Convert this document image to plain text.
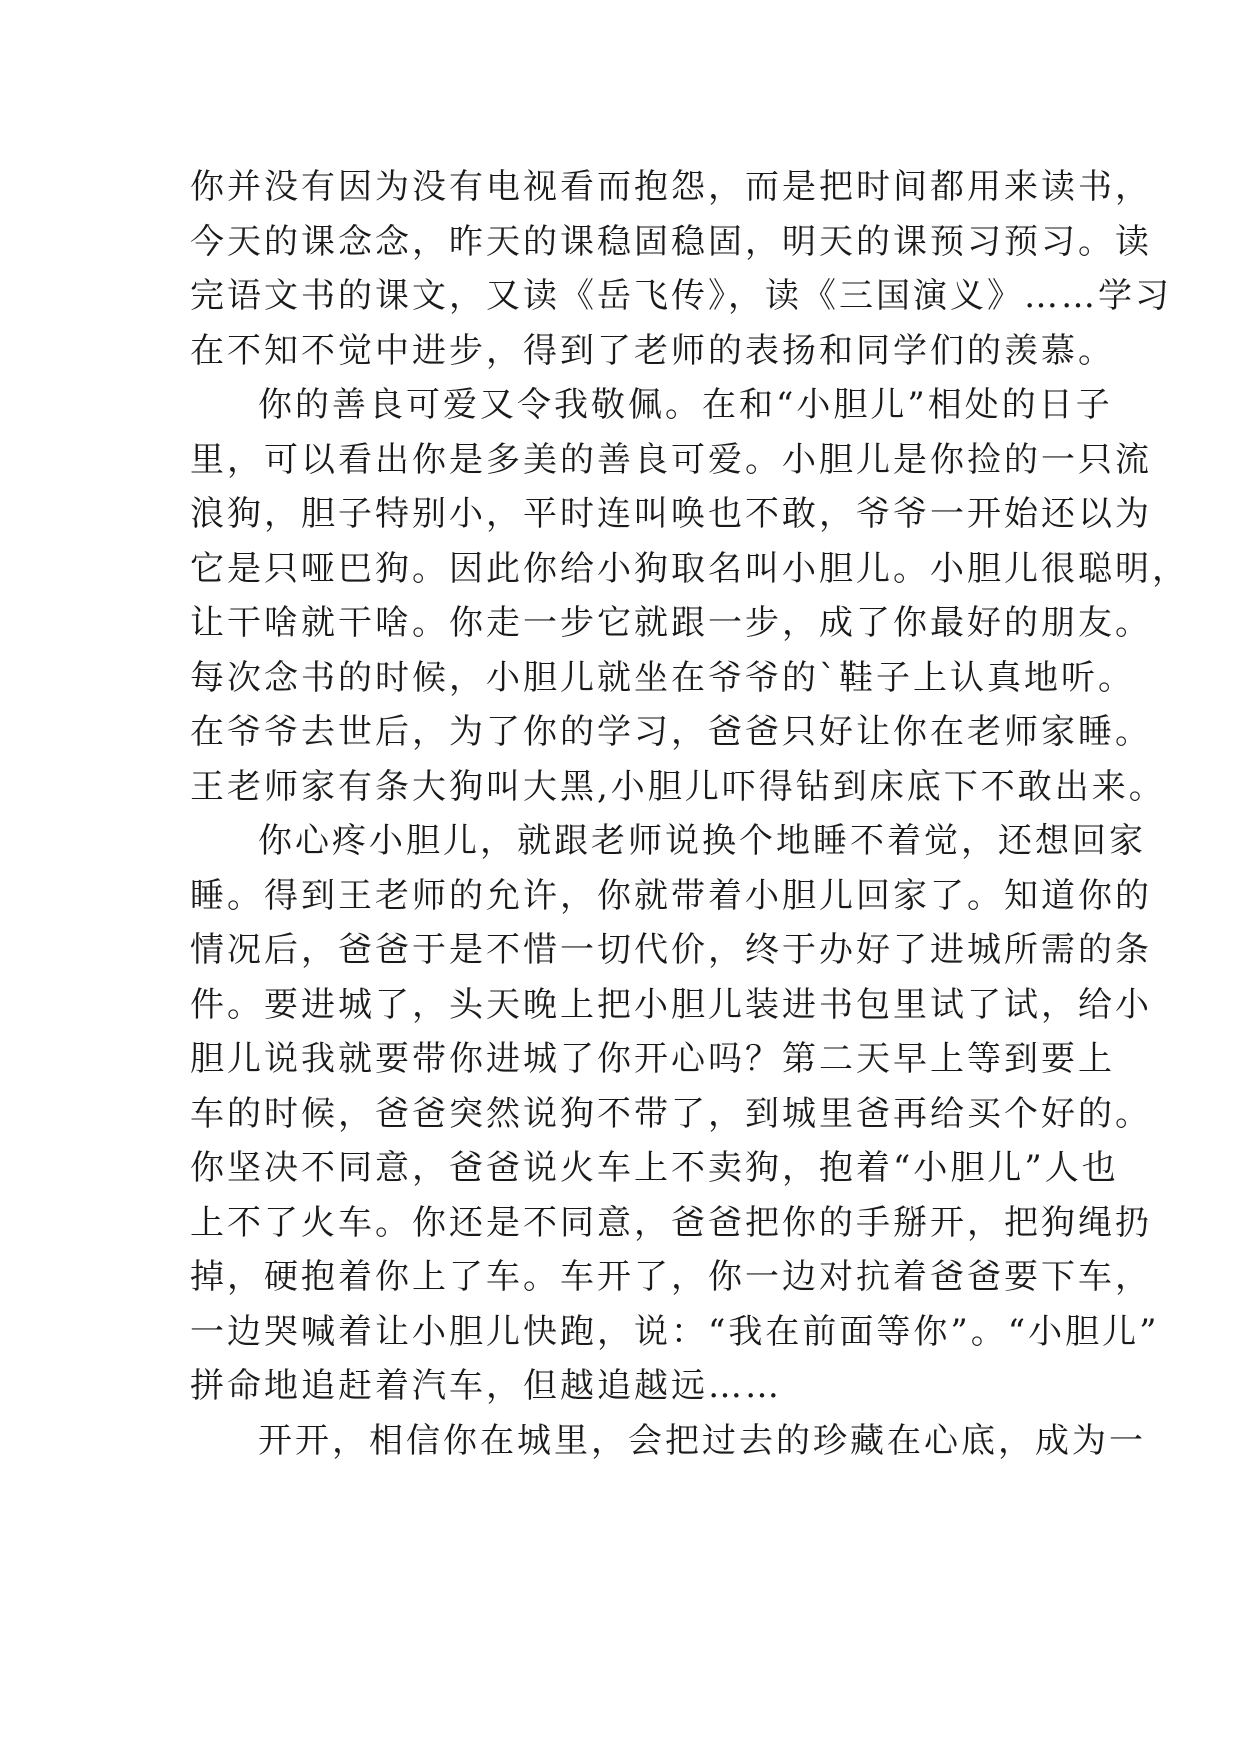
你并没有因为没有电视看而抱怨，而是把时间都用来读书，
今天的课念念，昨天的课稳固稳固，明天的课预习预习。读
完语文书的课文，又读《岳飞传》，读《三国演义》……学习
在不知不觉中进步，得到了老师的表扬和同学们的羡慕。
你的善良可爱又令我敬佩。在和“小胆儿”相处的日子
里，可以看出你是多美的善良可爱。小胆儿是你捡的一只流
浪狗，胆子特别小，平时连叫唤也不敢，爷爷一开始还以为
它是只哑巴狗。因此你给小狗取名叫小胆儿。小胆儿很聪明，
让干啥就干啥。你走一步它就跟一步，成了你最好的朋友。
每次念书的时候，小胆儿就坐在爷爷的`鞋子上认真地听。
在爷爷去世后，为了你的学习，爸爸只好让你在老师家睡。
王老师家有条大狗叫大黑,小胆儿吓得钻到床底下不敢出来。
你心疼小胆儿，就跟老师说换个地睡不着觉，还想回家
睡。得到王老师的允许，你就带着小胆儿回家了。知道你的
情况后，爸爸于是不惜一切代价，终于办好了进城所需的条
件。要进城了，头天晚上把小胆儿装进书包里试了试，给小
胆儿说我就要带你进城了你开心吗？第二天早上等到要上
车的时候，爸爸突然说狗不带了，到城里爸再给买个好的。
你坚决不同意，爸爸说火车上不卖狗，抱着“小胆儿”人也
上不了火车。你还是不同意，爸爸把你的手掰开，把狗绳扔
掉，硬抱着你上了车。车开了，你一边对抗着爸爸要下车，
一边哭喊着让小胆儿快跑，说：“我在前面等你”。“小胆儿”
拼命地追赶着汽车，但越追越远……
开开，相信你在城里，会把过去的珍藏在心底，成为一
